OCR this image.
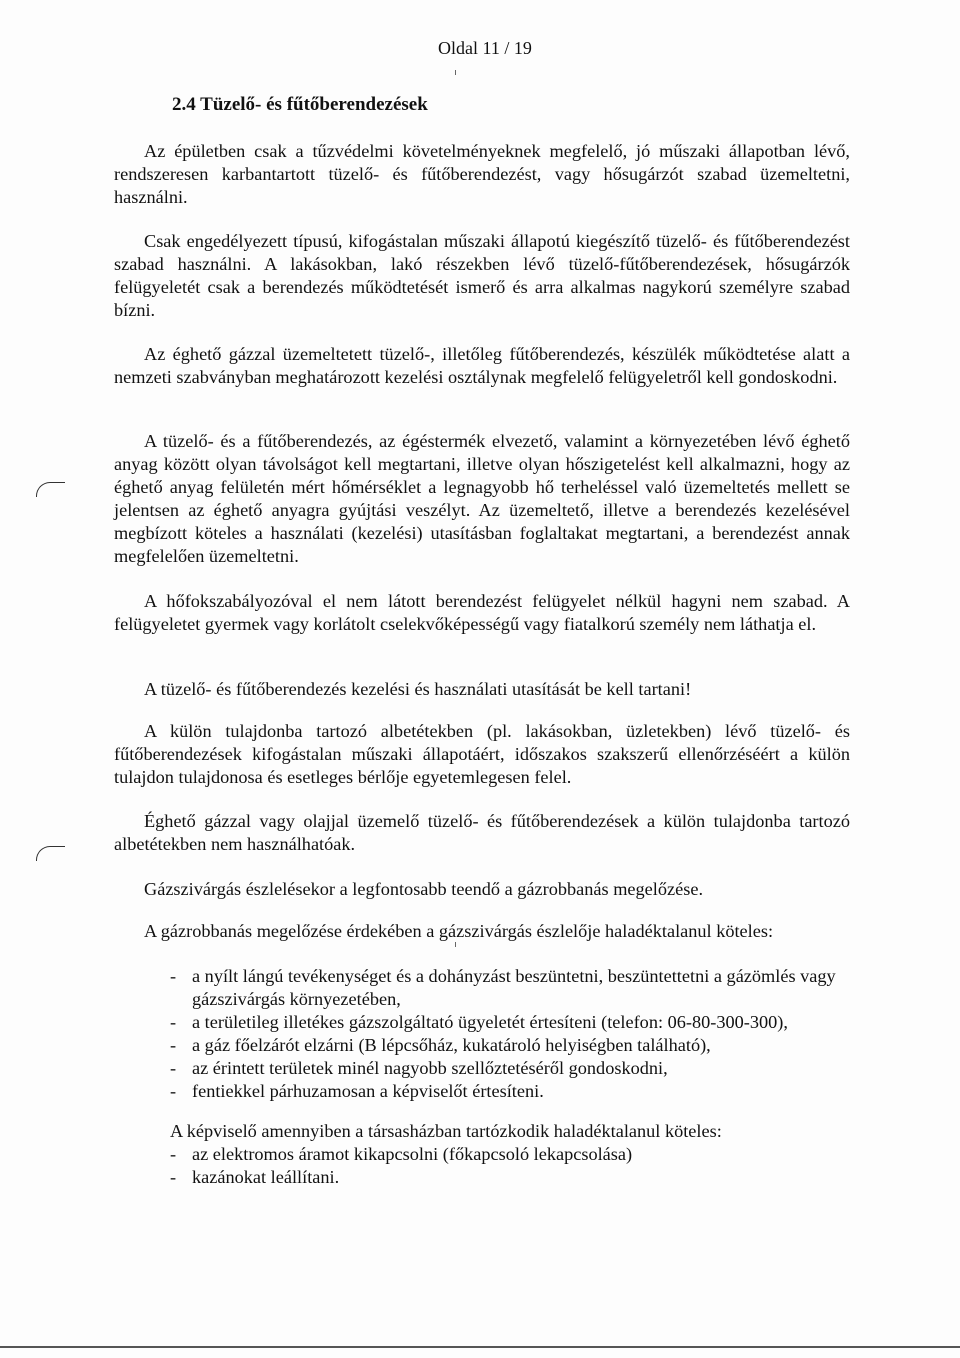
Oldal 11 / 19
2.4 Tüzelő- és fűtőberendezések

Az épületben csak a tűzvédelmi követelményeknek megfelelő, jó műszaki állapotban lévő, rendszeresen karbantartott tüzelő- és fűtőberendezést, vagy hősugárzót szabad üzemeltetni, használni.

Csak engedélyezett típusú, kifogástalan műszaki állapotú kiegészítő tüzelő- és fűtőberendezést szabad használni. A lakásokban, lakó részekben lévő tüzelő-fűtőberendezések, hősugárzók felügyeletét csak a berendezés működtetését ismerő és arra alkalmas nagykorú személyre szabad bízni.

Az éghető gázzal üzemeltetett tüzelő-, illetőleg fűtőberendezés, készülék működtetése alatt a nemzeti szabványban meghatározott kezelési osztálynak megfelelő felügyeletről kell gondoskodni.

A tüzelő- és a fűtőberendezés, az égéstermék elvezető, valamint a környezetében lévő éghető anyag között olyan távolságot kell megtartani, illetve olyan hőszigetelést kell alkalmazni, hogy az éghető anyag felületén mért hőmérséklet a legnagyobb hő terheléssel való üzemeltetés mellett se jelentsen az éghető anyagra gyújtási veszélyt. Az üzemeltető, illetve a berendezés kezelésével megbízott köteles a használati (kezelési) utasításban foglaltakat megtartani, a berendezést annak megfelelően üzemeltetni.

A hőfokszabályozóval el nem látott berendezést felügyelet nélkül hagyni nem szabad. A felügyeletet gyermek vagy korlátolt cselekvőképességű vagy fiatalkorú személy nem láthatja el.

A tüzelő- és fűtőberendezés kezelési és használati utasítását be kell tartani!

A külön tulajdonba tartozó albetétekben (pl. lakásokban, üzletekben) lévő tüzelő- és fűtőberendezések kifogástalan műszaki állapotáért, időszakos szakszerű ellenőrzéséért a külön tulajdon tulajdonosa és esetleges bérlője egyetemlegesen felel.

Éghető gázzal vagy olajjal üzemelő tüzelő- és fűtőberendezések a külön tulajdonba tartozó albetétekben nem használhatóak.

Gázszivárgás észlelésekor a legfontosabb teendő a gázrobbanás megelőzése.

A gázrobbanás megelőzése érdekében a gázszivárgás észlelője haladéktalanul köteles:

- a nyílt lángú tevékenységet és a dohányzást beszüntetni, beszüntettetni a gázömlés vagy gázszivárgás környezetében,
- a területileg illetékes gázszolgáltató ügyeletét értesíteni (telefon: 06-80-300-300),
- a gáz főelzárót elzárni (B lépcsőház, kukatároló helyiségben található),
- az érintett területek minél nagyobb szellőztetéséről gondoskodni,
- fentiekkel párhuzamosan a képviselőt értesíteni.

A képviselő amennyiben a társasházban tartózkodik haladéktalanul köteles:

- az elektromos áramot kikapcsolni (főkapcsoló lekapcsolása)
- kazánokat leállítani.
